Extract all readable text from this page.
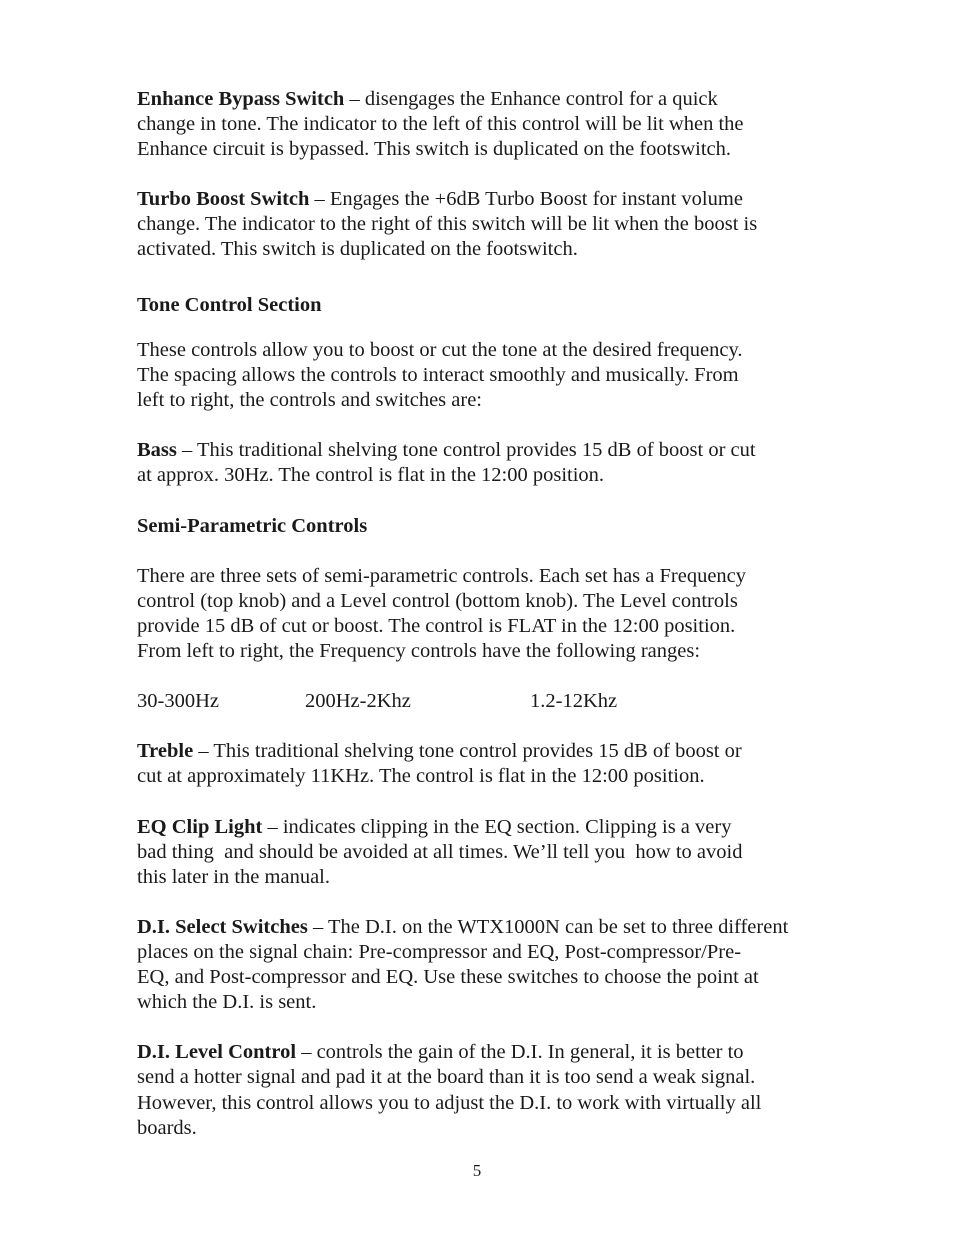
Enhance Bypass Switch – disengages the Enhance control for a quick
change in tone. The indicator to the left of this control will be lit when the
Enhance circuit is bypassed. This switch is duplicated on the footswitch.
Turbo Boost Switch – Engages the +6dB Turbo Boost for instant volume
change. The indicator to the right of this switch will be lit when the boost is
activated. This switch is duplicated on the footswitch.
Tone Control Section
These controls allow you to boost or cut the tone at the desired frequency.
The spacing allows the controls to interact smoothly and musically. From
left to right, the controls and switches are:
Bass – This traditional shelving tone control provides 15 dB of boost or cut
at approx. 30Hz. The control is flat in the 12:00 position.
Semi-Parametric Controls
There are three sets of semi-parametric controls. Each set has a Frequency
control (top knob) and a Level control (bottom knob). The Level controls
provide 15 dB of cut or boost. The control is FLAT in the 12:00 position.
From left to right, the Frequency controls have the following ranges:
30-300Hz	200Hz-2Khz	1.2-12Khz
Treble – This traditional shelving tone control provides 15 dB of boost or
cut at approximately 11KHz. The control is flat in the 12:00 position.
EQ Clip Light – indicates clipping in the EQ section. Clipping is a very
bad thing  and should be avoided at all times. We’ll tell you  how to avoid
this later in the manual.
D.I. Select Switches – The D.I. on the WTX1000N can be set to three different
places on the signal chain: Pre-compressor and EQ, Post-compressor/Pre-
EQ, and Post-compressor and EQ. Use these switches to choose the point at
which the D.I. is sent.
D.I. Level Control – controls the gain of the D.I. In general, it is better to
send a hotter signal and pad it at the board than it is too send a weak signal.
However, this control allows you to adjust the D.I. to work with virtually all
boards.
5
